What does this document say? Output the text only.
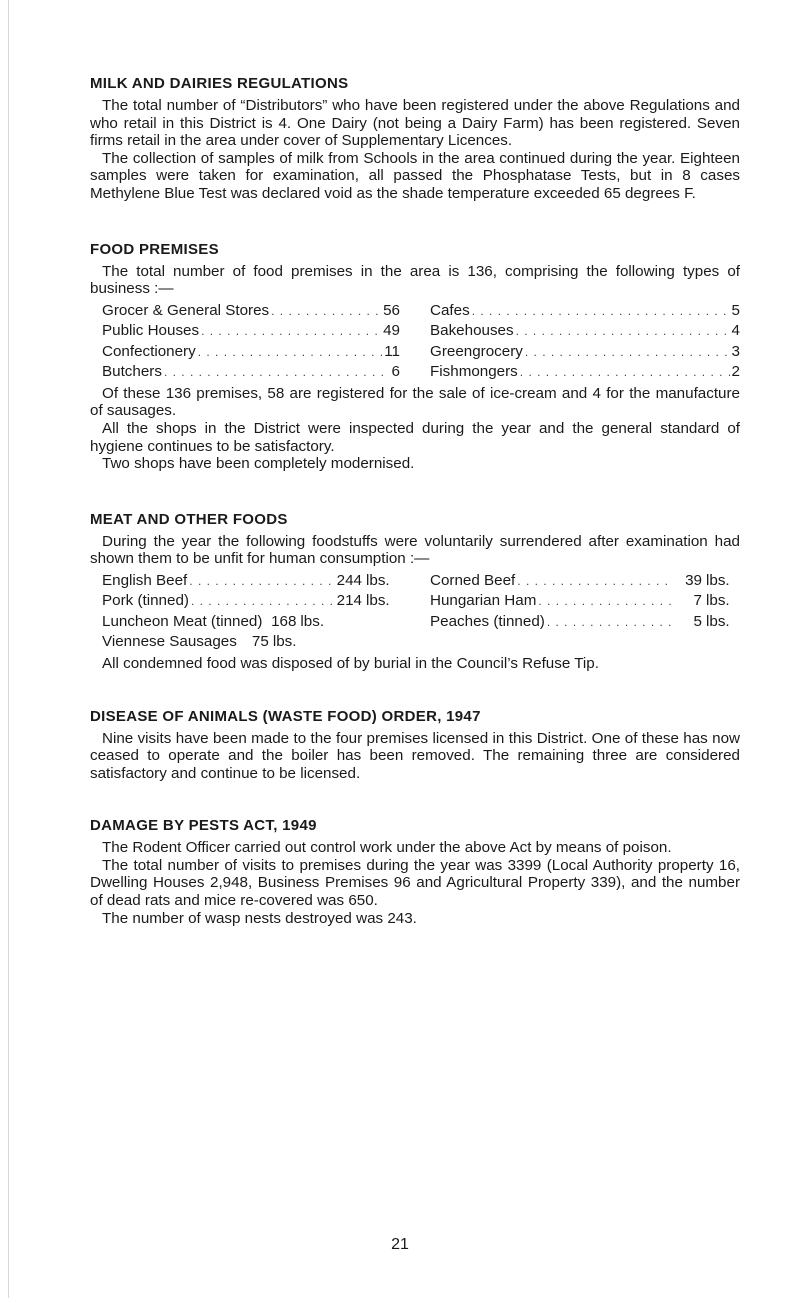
MILK AND DAIRIES REGULATIONS

The total number of “Distributors” who have been registered under the above Regulations and who retail in this District is 4. One Dairy (not being a Dairy Farm) has been registered. Seven firms retail in the area under cover of Supplementary Licences.

The collection of samples of milk from Schools in the area continued during the year. Eighteen samples were taken for examination, all passed the Phosphatase Tests, but in 8 cases Methylene Blue Test was declared void as the shade temperature exceeded 65 degrees F.

FOOD PREMISES

The total number of food premises in the area is 136, comprising the following types of business :—

Grocer & General Stores . . .	56	Cafes . . .	5
Public Houses . . .	49	Bakehouses . . .	4
Confectionery . . .	11	Greengrocery . . .	3
Butchers . . .	6	Fishmongers . . .	2

Of these 136 premises, 58 are registered for the sale of ice-cream and 4 for the manufacture of sausages.

All the shops in the District were inspected during the year and the general standard of hygiene continues to be satisfactory.

Two shops have been completely modernised.

MEAT AND OTHER FOODS

During the year the following foodstuffs were voluntarily surrendered after examination had shown them to be unfit for human consumption :—

English Beef . . .	244 lbs.	Corned Beef . . .	39 lbs.
Pork (tinned) . . .	214 lbs.	Hungarian Ham . . .	7 lbs.
Luncheon Meat (tinned) 168 lbs.	Peaches (tinned) . . .	5 lbs.
Viennese Sausages 75 lbs.

All condemned food was disposed of by burial in the Council’s Refuse Tip.

DISEASE OF ANIMALS (WASTE FOOD) ORDER, 1947

Nine visits have been made to the four premises licensed in this District. One of these has now ceased to operate and the boiler has been removed. The remaining three are considered satisfactory and continue to be licensed.

DAMAGE BY PESTS ACT, 1949

The Rodent Officer carried out control work under the above Act by means of poison.

The total number of visits to premises during the year was 3399 (Local Authority property 16, Dwelling Houses 2,948, Business Premises 96 and Agricultural Property 339), and the number of dead rats and mice re-covered was 650.

The number of wasp nests destroyed was 243.

21
